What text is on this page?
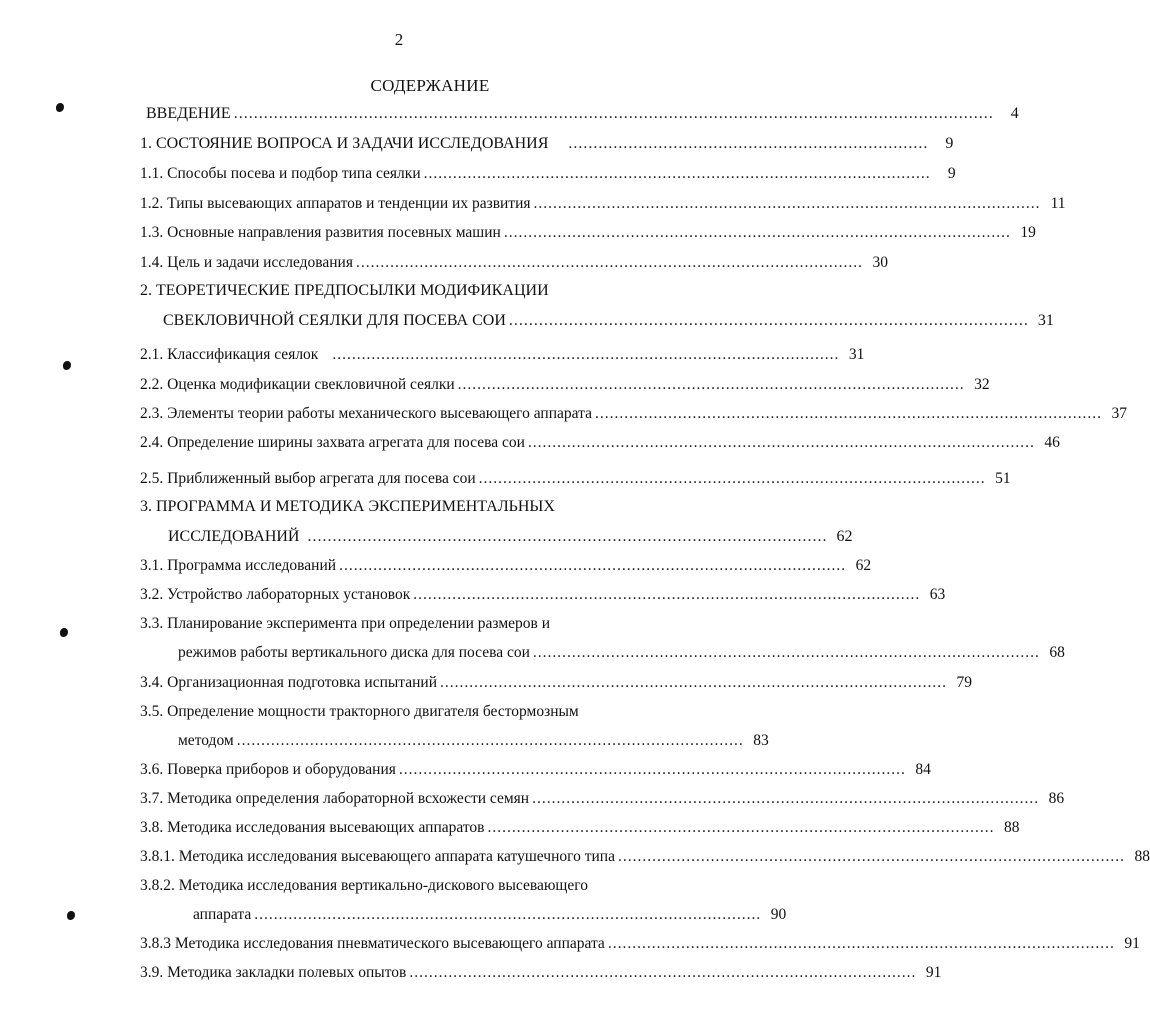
2
СОДЕРЖАНИЕ
ВВЕДЕНИЕ ........................................................................................................................................................	4
1. СОСТОЯНИЕ ВОПРОСА И ЗАДАЧИ ИССЛЕДОВАНИЯ ........................................................................	9
1.1. Способы посева и подбор типа сеялки ........................................................................................................	9
1.2. Типы высевающих аппаратов и тенденции их развития ........................................................................................................ 11
1.3. Основные направления развития посевных машин ........................................................................................................ 19
1.4. Цель и задачи исследования ........................................................................................................ 30
2. ТЕОРЕТИЧЕСКИЕ ПРЕДПОСЫЛКИ МОДИФИКАЦИИ
СВЕКЛОВИЧНОЙ СЕЯЛКИ ДЛЯ ПОСЕВА СОИ ........................................................................................................ 31
2.1. Классификация сеялок ........................................................................................................ 31
2.2. Оценка модификации свекловичной сеялки ........................................................................................................ 32
2.3. Элементы теории работы механического высевающего аппарата ........................................................................................................ 37
2.4. Определение ширины захвата агрегата для посева сои ........................................................................................................ 46
2.5. Приближенный выбор агрегата для посева сои ........................................................................................................ 51
3. ПРОГРАММА И МЕТОДИКА ЭКСПЕРИМЕНТАЛЬНЫХ
ИССЛЕДОВАНИЙ ........................................................................................................ 62
3.1. Программа исследований ........................................................................................................ 62
3.2. Устройство лабораторных установок ........................................................................................................ 63
3.3. Планирование эксперимента при определении размеров и
режимов работы вертикального диска для посева сои ........................................................................................................ 68
3.4. Организационная подготовка испытаний ........................................................................................................ 79
3.5. Определение мощности тракторного двигателя бестормозным
методом ........................................................................................................ 83
3.6. Поверка приборов и оборудования ........................................................................................................ 84
3.7. Методика определения лабораторной всхожести семян ........................................................................................................ 86
3.8. Методика исследования высевающих аппаратов ........................................................................................................ 88
3.8.1. Методика исследования высевающего аппарата катушечного типа ........................................................................................................ 88
3.8.2. Методика исследования вертикально-дискового высевающего
аппарата ........................................................................................................ 90
3.8.3 Методика исследования пневматического высевающего аппарата ........................................................................................................ 91
3.9. Методика закладки полевых опытов ........................................................................................................ 91
